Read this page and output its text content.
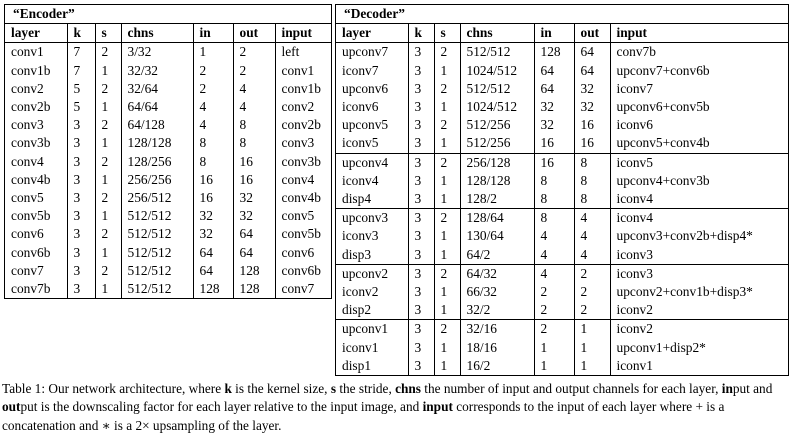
“Encoder”						
layer	k	s	chns	in	out	input
conv1	7	2	3/32	1	2	left
conv1b	7	1	32/32	2	2	conv1
conv2	5	2	32/64	2	4	conv1b
conv2b	5	1	64/64	4	4	conv2
conv3	3	2	64/128	4	8	conv2b
conv3b	3	1	128/128	8	8	conv3
conv4	3	2	128/256	8	16	conv3b
conv4b	3	1	256/256	16	16	conv4
conv5	3	2	256/512	16	32	conv4b
conv5b	3	1	512/512	32	32	conv5
conv6	3	2	512/512	32	64	conv5b
conv6b	3	1	512/512	64	64	conv6
conv7	3	2	512/512	64	128	conv6b
conv7b	3	1	512/512	128	128	conv7
“Decoder”						
layer	k	s	chns	in	out	input
upconv7	3	2	512/512	128	64	conv7b
iconv7	3	1	1024/512	64	64	upconv7+conv6b
upconv6	3	2	512/512	64	32	iconv7
iconv6	3	1	1024/512	32	32	upconv6+conv5b
upconv5	3	2	512/256	32	16	iconv6
iconv5	3	1	512/256	16	16	upconv5+conv4b
upconv4	3	2	256/128	16	8	iconv5
iconv4	3	1	128/128	8	8	upconv4+conv3b
disp4	3	1	128/2	8	8	iconv4
upconv3	3	2	128/64	8	4	iconv4
iconv3	3	1	130/64	4	4	upconv3+conv2b+disp4*
disp3	3	1	64/2	4	4	iconv3
upconv2	3	2	64/32	4	2	iconv3
iconv2	3	1	66/32	2	2	upconv2+conv1b+disp3*
disp2	3	1	32/2	2	2	iconv2
upconv1	3	2	32/16	2	1	iconv2
iconv1	3	1	18/16	1	1	upconv1+disp2*
disp1	3	1	16/2	1	1	iconv1
Table 1: Our network architecture, where k is the kernel size, s the stride, chns the number of input and output channels for each layer, input and output is the downscaling factor for each layer relative to the input image, and input corresponds to the input of each layer where + is a concatenation and ∗ is a 2× upsampling of the layer.
